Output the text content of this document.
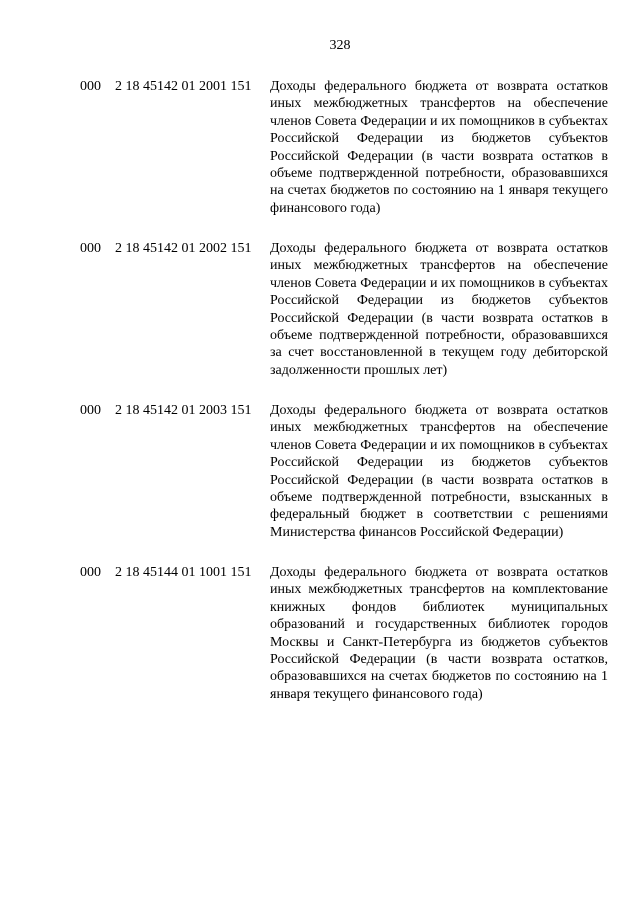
328
000 2 18 45142 01 2001 151 Доходы федерального бюджета от возврата остатков иных межбюджетных трансфертов на обеспечение членов Совета Федерации и их помощников в субъектах Российской Федерации из бюджетов субъектов Российской Федерации (в части возврата остатков в объеме подтвержденной потребности, образовавшихся на счетах бюджетов по состоянию на 1 января текущего финансового года)
000 2 18 45142 01 2002 151 Доходы федерального бюджета от возврата остатков иных межбюджетных трансфертов на обеспечение членов Совета Федерации и их помощников в субъектах Российской Федерации из бюджетов субъектов Российской Федерации (в части возврата остатков в объеме подтвержденной потребности, образовавшихся за счет восстановленной в текущем году дебиторской задолженности прошлых лет)
000 2 18 45142 01 2003 151 Доходы федерального бюджета от возврата остатков иных межбюджетных трансфертов на обеспечение членов Совета Федерации и их помощников в субъектах Российской Федерации из бюджетов субъектов Российской Федерации (в части возврата остатков в объеме подтвержденной потребности, взысканных в федеральный бюджет в соответствии с решениями Министерства финансов Российской Федерации)
000 2 18 45144 01 1001 151 Доходы федерального бюджета от возврата остатков иных межбюджетных трансфертов на комплектование книжных фондов библиотек муниципальных образований и государственных библиотек городов Москвы и Санкт-Петербурга из бюджетов субъектов Российской Федерации (в части возврата остатков, образовавшихся на счетах бюджетов по состоянию на 1 января текущего финансового года)
